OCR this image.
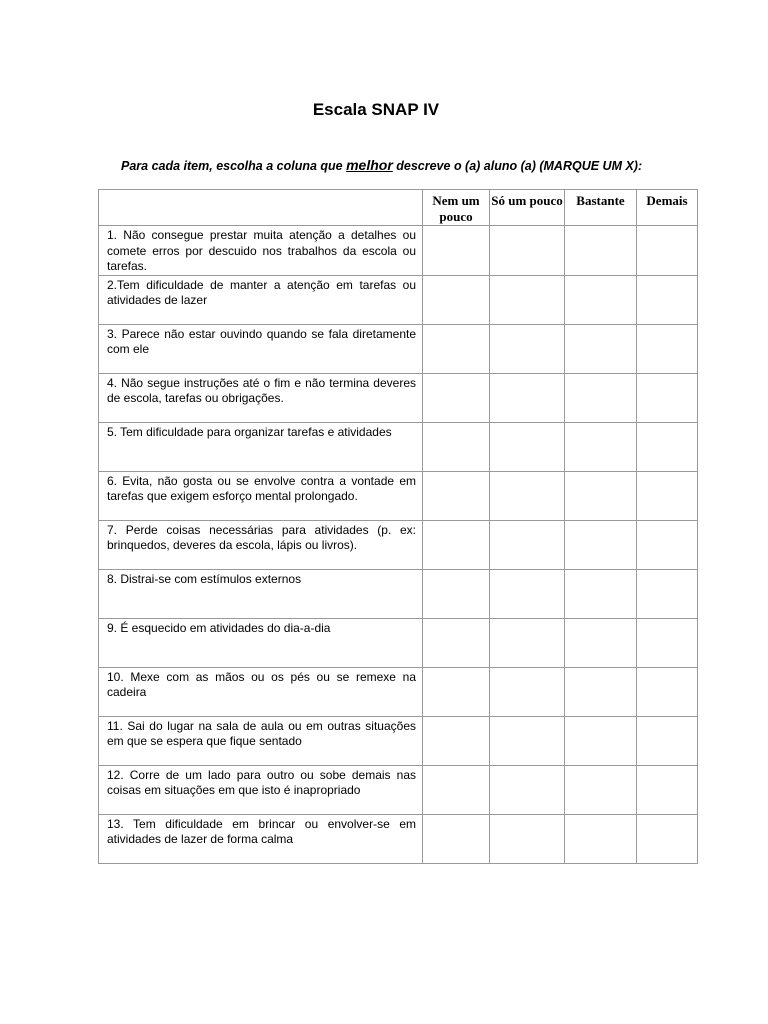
Escala SNAP IV
Para cada item, escolha a coluna que melhor descreve o (a) aluno (a) (MARQUE UM X):
	Nem um pouco	Só um pouco	Bastante	Demais
1. Não consegue prestar muita atenção a detalhes ou comete erros por descuido nos trabalhos da escola ou tarefas.				
2.Tem dificuldade de manter a atenção em tarefas ou atividades de lazer				
3. Parece não estar ouvindo quando se fala diretamente com ele				
4. Não segue instruções até o fim e não termina deveres de escola, tarefas ou obrigações.				
5. Tem dificuldade para organizar tarefas e atividades				
6. Evita, não gosta ou se envolve contra a vontade em tarefas que exigem esforço mental prolongado.				
7. Perde coisas necessárias para atividades (p. ex: brinquedos, deveres da escola, lápis ou livros).				
8. Distrai-se com estímulos externos				
9. É esquecido em atividades do dia-a-dia				
10. Mexe com as mãos ou os pés ou se remexe na cadeira				
11. Sai do lugar na sala de aula ou em outras situações em que se espera que fique sentado				
12. Corre de um lado para outro ou sobe demais nas coisas em situações em que isto é inapropriado				
13. Tem dificuldade em brincar ou envolver-se em atividades de lazer de forma calma				
